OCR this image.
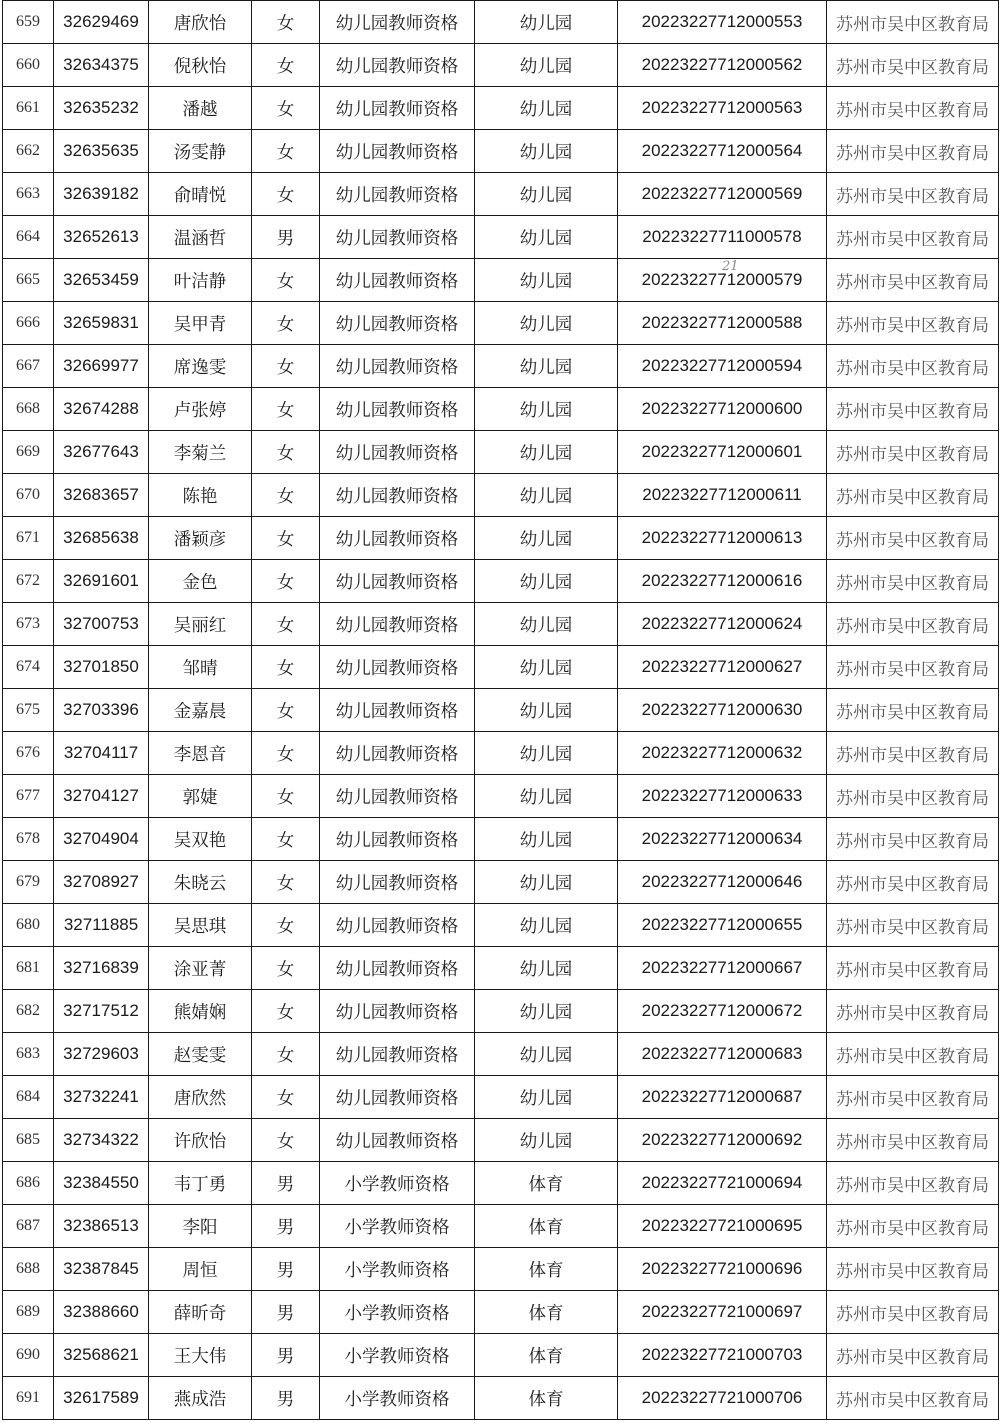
659	32629469	唐欣怡	女	幼儿园教师资格	幼儿园	20223227712000553	苏州市吴中区教育局
660	32634375	倪秋怡	女	幼儿园教师资格	幼儿园	20223227712000562	苏州市吴中区教育局
661	32635232	潘越	女	幼儿园教师资格	幼儿园	20223227712000563	苏州市吴中区教育局
662	32635635	汤雯静	女	幼儿园教师资格	幼儿园	20223227712000564	苏州市吴中区教育局
663	32639182	俞晴悦	女	幼儿园教师资格	幼儿园	20223227712000569	苏州市吴中区教育局
664	32652613	温涵哲	男	幼儿园教师资格	幼儿园	20223227711000578	苏州市吴中区教育局
665	32653459	叶洁静	女	幼儿园教师资格	幼儿园	20223227712000579	苏州市吴中区教育局
666	32659831	吴甲青	女	幼儿园教师资格	幼儿园	20223227712000588	苏州市吴中区教育局
667	32669977	席逸雯	女	幼儿园教师资格	幼儿园	20223227712000594	苏州市吴中区教育局
668	32674288	卢张婷	女	幼儿园教师资格	幼儿园	20223227712000600	苏州市吴中区教育局
669	32677643	李菊兰	女	幼儿园教师资格	幼儿园	20223227712000601	苏州市吴中区教育局
670	32683657	陈艳	女	幼儿园教师资格	幼儿园	20223227712000611	苏州市吴中区教育局
671	32685638	潘颖彦	女	幼儿园教师资格	幼儿园	20223227712000613	苏州市吴中区教育局
672	32691601	金色	女	幼儿园教师资格	幼儿园	20223227712000616	苏州市吴中区教育局
673	32700753	吴丽红	女	幼儿园教师资格	幼儿园	20223227712000624	苏州市吴中区教育局
674	32701850	邹晴	女	幼儿园教师资格	幼儿园	20223227712000627	苏州市吴中区教育局
675	32703396	金嘉晨	女	幼儿园教师资格	幼儿园	20223227712000630	苏州市吴中区教育局
676	32704117	李恩音	女	幼儿园教师资格	幼儿园	20223227712000632	苏州市吴中区教育局
677	32704127	郭婕	女	幼儿园教师资格	幼儿园	20223227712000633	苏州市吴中区教育局
678	32704904	吴双艳	女	幼儿园教师资格	幼儿园	20223227712000634	苏州市吴中区教育局
679	32708927	朱晓云	女	幼儿园教师资格	幼儿园	20223227712000646	苏州市吴中区教育局
680	32711885	吴思琪	女	幼儿园教师资格	幼儿园	20223227712000655	苏州市吴中区教育局
681	32716839	涂亚菁	女	幼儿园教师资格	幼儿园	20223227712000667	苏州市吴中区教育局
682	32717512	熊婧娴	女	幼儿园教师资格	幼儿园	20223227712000672	苏州市吴中区教育局
683	32729603	赵雯雯	女	幼儿园教师资格	幼儿园	20223227712000683	苏州市吴中区教育局
684	32732241	唐欣然	女	幼儿园教师资格	幼儿园	20223227712000687	苏州市吴中区教育局
685	32734322	许欣怡	女	幼儿园教师资格	幼儿园	20223227712000692	苏州市吴中区教育局
686	32384550	韦丁勇	男	小学教师资格	体育	20223227721000694	苏州市吴中区教育局
687	32386513	李阳	男	小学教师资格	体育	20223227721000695	苏州市吴中区教育局
688	32387845	周恒	男	小学教师资格	体育	20223227721000696	苏州市吴中区教育局
689	32388660	薛昕奇	男	小学教师资格	体育	20223227721000697	苏州市吴中区教育局
690	32568621	王大伟	男	小学教师资格	体育	20223227721000703	苏州市吴中区教育局
691	32617589	燕成浩	男	小学教师资格	体育	20223227721000706	苏州市吴中区教育局
21
